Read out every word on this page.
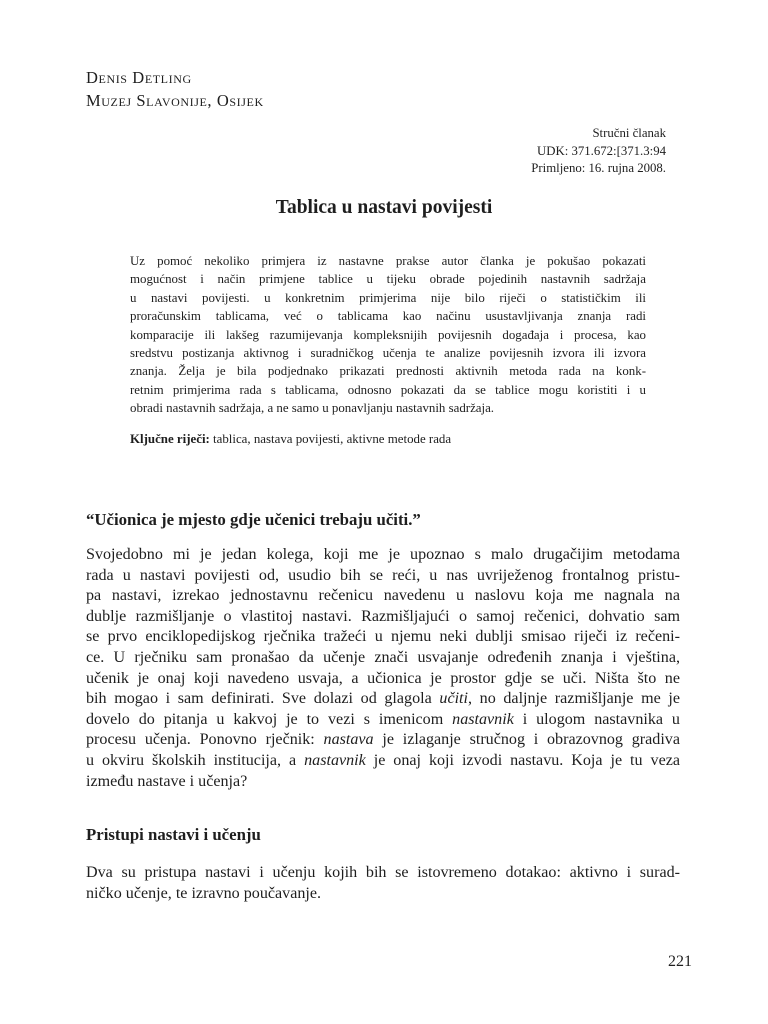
Denis Detling
Muzej Slavonije, Osijek
Stručni članak
UDK: 371.672:[371.3:94
Primljeno: 16. rujna 2008.
Tablica u nastavi povijesti
Uz pomoć nekoliko primjera iz nastavne prakse autor članka je pokušao pokazati
mogućnost i način primjene tablice u tijeku obrade pojedinih nastavnih sadržaja
u nastavi povijesti. u konkretnim primjerima nije bilo riječi o statističkim ili
proračunskim tablicama, već o tablicama kao načinu usustavljivanja znanja radi
komparacije ili lakšeg razumijevanja kompleksnijih povijesnih događaja i procesa, kao
sredstvu postizanja aktivnog i suradničkog učenja te analize povijesnih izvora ili izvora
znanja. Želja je bila podjednako prikazati prednosti aktivnih metoda rada na konk-
retnim primjerima rada s tablicama, odnosno pokazati da se tablice mogu koristiti i u
obradi nastavnih sadržaja, a ne samo u ponavljanju nastavnih sadržaja.
Ključne riječi: tablica, nastava povijesti, aktivne metode rada
“Učionica je mjesto gdje učenici trebaju učiti.”
Svojedobno mi je jedan kolega, koji me je upoznao s malo drugačijim metodama
rada u nastavi povijesti od, usudio bih se reći, u nas uvriježenog frontalnog pristu-
pa nastavi, izrekao jednostavnu rečenicu navedenu u naslovu koja me nagnala na
dublje razmišljanje o vlastitoj nastavi. Razmišljajući o samoj rečenici, dohvatio sam
se prvo enciklopedijskog rječnika tražeći u njemu neki dublji smisao riječi iz rečeni-
ce. U rječniku sam pronašao da učenje znači usvajanje određenih znanja i vještina,
učenik je onaj koji navedeno usvaja, a učionica je prostor gdje se uči. Ništa što ne
bih mogao i sam definirati. Sve dolazi od glagola učiti, no daljnje razmišljanje me je
dovelo do pitanja u kakvoj je to vezi s imenicom nastavnik i ulogom nastavnika u
procesu učenja. Ponovno rječnik: nastava je izlaganje stručnog i obrazovnog gradiva
u okviru školskih institucija, a nastavnik je onaj koji izvodi nastavu. Koja je tu veza
između nastave i učenja?
Pristupi nastavi i učenju
Dva su pristupa nastavi i učenju kojih bih se istovremeno dotakao: aktivno i surad-
ničko učenje, te izravno poučavanje.
221
